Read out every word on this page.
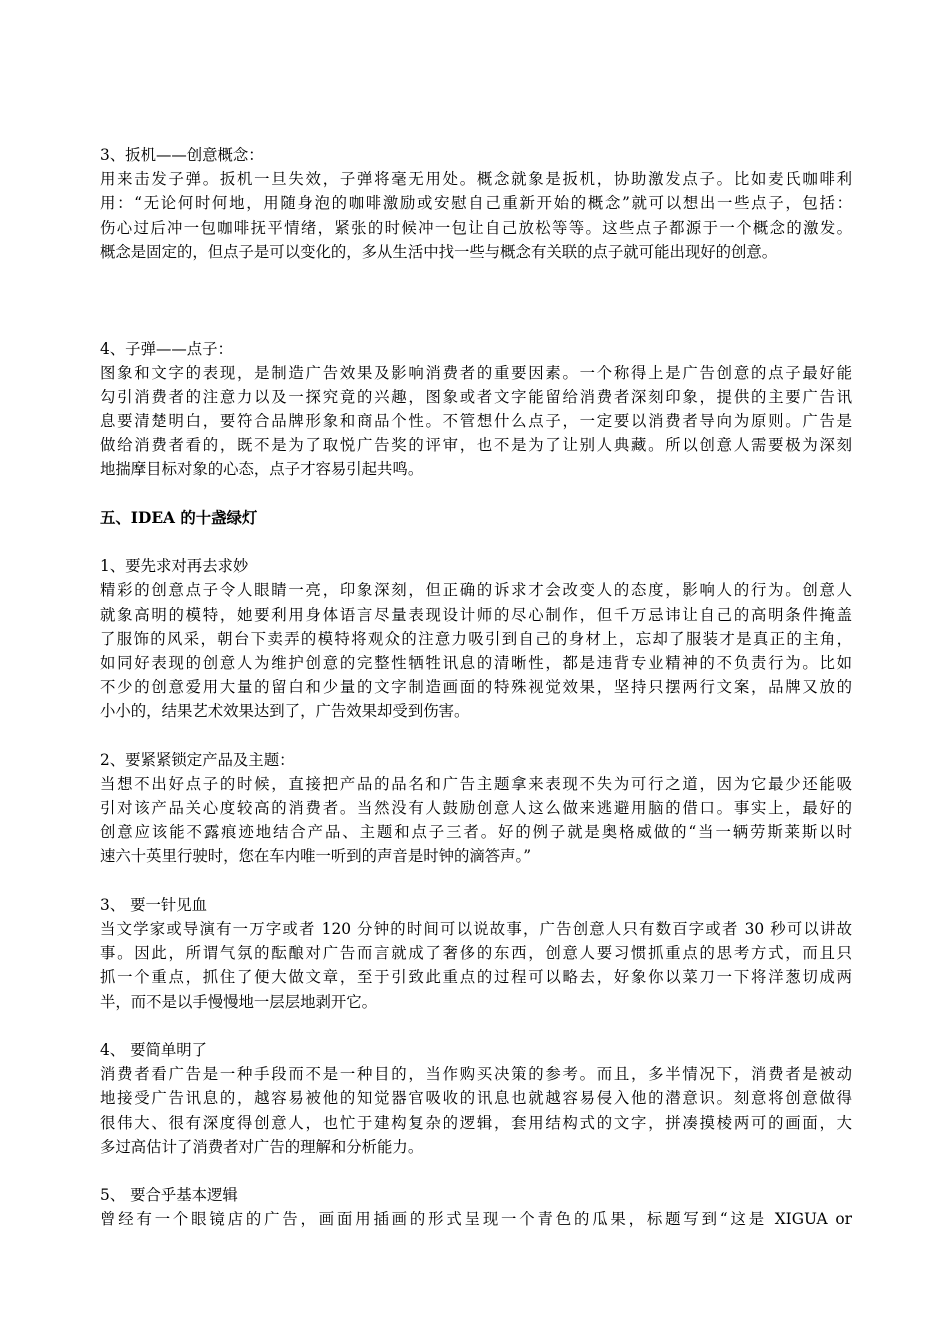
3、扳机——创意概念：

用来击发子弹。扳机一旦失效，子弹将毫无用处。概念就象是扳机，协助激发点子。比如麦氏咖啡利
用：“无论何时何地，用随身泡的咖啡激励或安慰自己重新开始的概念”就可以想出一些点子，包括：
伤心过后冲一包咖啡抚平情绪，紧张的时候冲一包让自己放松等等。这些点子都源于一个概念的激发。
概念是固定的，但点子是可以变化的，多从生活中找一些与概念有关联的点子就可能出现好的创意。

4、子弹——点子：

图象和文字的表现，是制造广告效果及影响消费者的重要因素。一个称得上是广告创意的点子最好能
勾引消费者的注意力以及一探究竟的兴趣，图象或者文字能留给消费者深刻印象，提供的主要广告讯
息要清楚明白，要符合品牌形象和商品个性。不管想什么点子，一定要以消费者导向为原则。广告是
做给消费者看的，既不是为了取悦广告奖的评审，也不是为了让别人典藏。所以创意人需要极为深刻
地揣摩目标对象的心态，点子才容易引起共鸣。

五、IDEA 的十盏绿灯

1、要先求对再去求妙

精彩的创意点子令人眼睛一亮，印象深刻，但正确的诉求才会改变人的态度，影响人的行为。创意人
就象高明的模特，她要利用身体语言尽量表现设计师的尽心制作，但千万忌讳让自己的高明条件掩盖
了服饰的风采，朝台下卖弄的模特将观众的注意力吸引到自己的身材上，忘却了服装才是真正的主角，
如同好表现的创意人为维护创意的完整性牺牲讯息的清晰性，都是违背专业精神的不负责行为。比如
不少的创意爱用大量的留白和少量的文字制造画面的特殊视觉效果，坚持只摆两行文案，品牌又放的
小小的，结果艺术效果达到了，广告效果却受到伤害。

2、要紧紧锁定产品及主题：

当想不出好点子的时候，直接把产品的品名和广告主题拿来表现不失为可行之道，因为它最少还能吸
引对该产品关心度较高的消费者。当然没有人鼓励创意人这么做来逃避用脑的借口。事实上，最好的
创意应该能不露痕迹地结合产品、主题和点子三者。好的例子就是奥格威做的“当一辆劳斯莱斯以时
速六十英里行驶时，您在车内唯一听到的声音是时钟的滴答声。”

3、 要一针见血

当文学家或导演有一万字或者 120 分钟的时间可以说故事，广告创意人只有数百字或者 30 秒可以讲故
事。因此，所谓气氛的酝酿对广告而言就成了奢侈的东西，创意人要习惯抓重点的思考方式，而且只
抓一个重点，抓住了便大做文章，至于引致此重点的过程可以略去，好象你以菜刀一下将洋葱切成两
半，而不是以手慢慢地一层层地剥开它。

4、 要简单明了

消费者看广告是一种手段而不是一种目的，当作购买决策的参考。而且，多半情况下，消费者是被动
地接受广告讯息的，越容易被他的知觉器官吸收的讯息也就越容易侵入他的潜意识。刻意将创意做得
很伟大、很有深度得创意人，也忙于建构复杂的逻辑，套用结构式的文字，拼凑摸棱两可的画面，大
多过高估计了消费者对广告的理解和分析能力。

5、 要合乎基本逻辑

曾经有一个眼镜店的广告，画面用插画的形式呈现一个青色的瓜果，标题写到“这是 XIGUA or
